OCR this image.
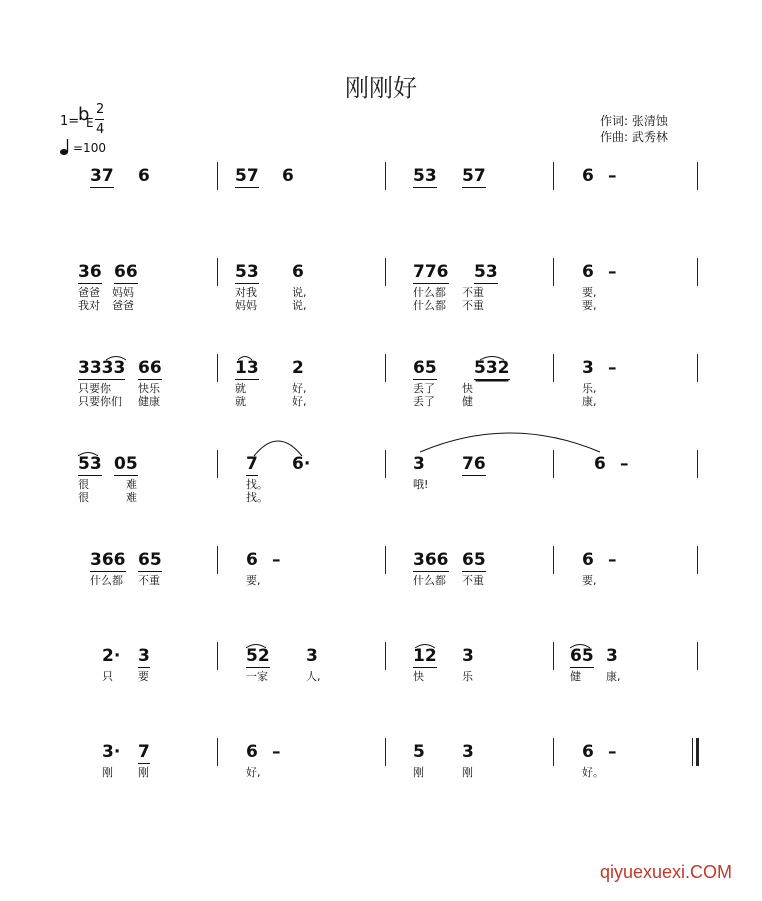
刚刚好
1=
b
E
2
4
=100
作词: 张清蚀
作曲: 武秀林
37 6	57 6	53 57	6 –
36 66
爸爸 妈妈
我对 爸爸
53 6
对我	说,
妈妈	说,
776 53
什么都 不重
什么都 不重
6 –
要,
要,
3333 66
只要你 快乐
只要你们 健康
13 2
就	好,
就	好,
65 532
丢了 快
丢了 健
3 –
乐,
康,
53 05
很	难
很	难
7 6·
找。
找。
3 76
哦!
6 –
366 65
什么都 不重
6 –
要,
366 65
什么都 不重
6 –
要,
2· 3
只 要
52 3
一家	人,
12 3
快	乐
65 3
健 康,
3· 7
刚 刚
6 –
好,
5 3
刚	刚
6 –
好。
qiyuexuexi.COM
